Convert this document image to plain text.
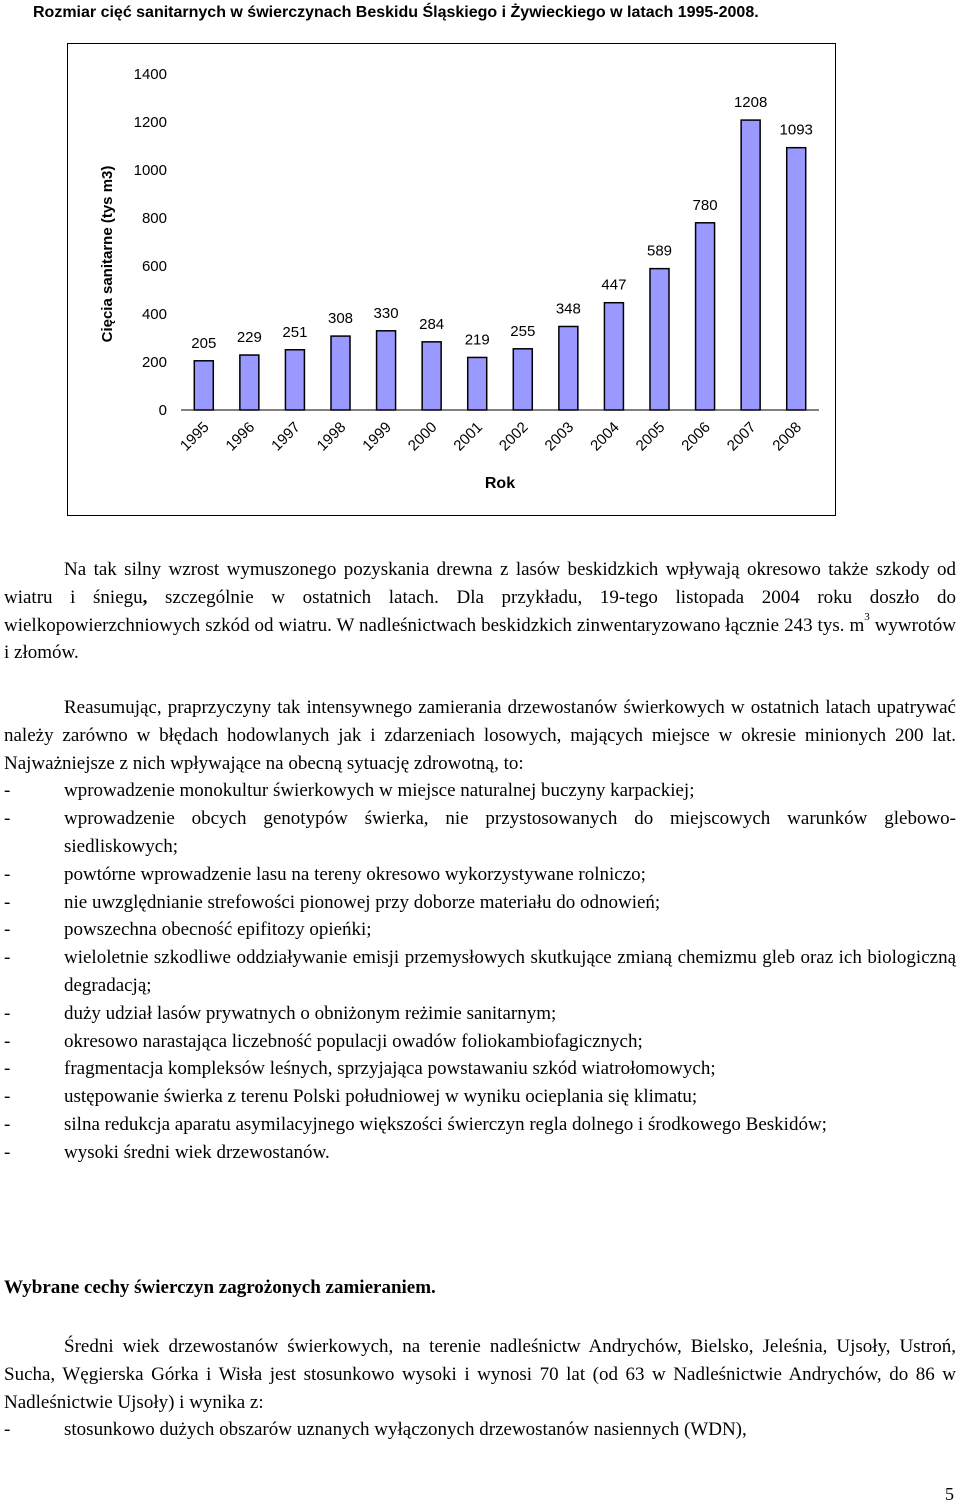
Rozmiar cięć sanitarnych w świerczynach Beskidu Śląskiego i Żywieckiego w latach 1995-2008.
0
200
400
600
800
1000
1200
1400
Cięcia sanitarne (tys m3)
205
1995
229
1996
251
1997
308
1998
330
1999
284
2000
219
2001
255
2002
348
2003
447
2004
589
2005
780
2006
1208
2007
1093
2008
Rok

Na tak silny wzrost wymuszonego pozyskania drewna z lasów beskidzkich wpływają okresowo także szkody od wiatru i śniegu, szczególnie w ostatnich latach. Dla przykładu, 19-tego listopada 2004 roku doszło do wielkopowierzchniowych szkód od wiatru. W nadleśnictwach beskidzkich zinwentaryzowano łącznie 243 tys. $m^3$ wywrotów i złomów.

Reasumując, praprzyczyny tak intensywnego zamierania drzewostanów świerkowych w ostatnich latach upatrywać należy zarówno w błędach hodowlanych jak i zdarzeniach losowych, mających miejsce w okresie minionych 200 lat. Najważniejsze z nich wpływające na obecną sytuację zdrowotną, to:

-	wprowadzenie monokultur świerkowych w miejsce naturalnej buczyny karpackiej;
-	wprowadzenie obcych genotypów świerka, nie przystosowanych do miejscowych warunków glebowo-siedliskowych;
-	powtórne wprowadzenie lasu na tereny okresowo wykorzystywane rolniczo;
-	nie uwzględnianie strefowości pionowej przy doborze materiału do odnowień;
-	powszechna obecność epifitozy opieńki;
-	wieloletnie szkodliwe oddziaływanie emisji przemysłowych skutkujące zmianą chemizmu gleb oraz ich biologiczną degradacją;
-	duży udział lasów prywatnych o obniżonym reżimie sanitarnym;
-	okresowo narastająca liczebność populacji owadów foliokambiofagicznych;
-	fragmentacja kompleksów leśnych, sprzyjająca powstawaniu szkód wiatrołomowych;
-	ustępowanie świerka z terenu Polski południowej w wyniku ocieplania się klimatu;
-	silna redukcja aparatu asymilacyjnego większości świerczyn regla dolnego i środkowego Beskidów;
-	wysoki średni wiek drzewostanów.
Wybrane cechy świerczyn zagrożonych zamieraniem.

Średni wiek drzewostanów świerkowych, na terenie nadleśnictw Andrychów, Bielsko, Jeleśnia, Ujsoły, Ustroń, Sucha, Węgierska Górka i Wisła jest stosunkowo wysoki i wynosi 70 lat (od 63 w Nadleśnictwie Andrychów, do 86 w Nadleśnictwie Ujsoły) i wynika z:

-	stosunkowo dużych obszarów uznanych wyłączonych drzewostanów nasiennych (WDN),
5
